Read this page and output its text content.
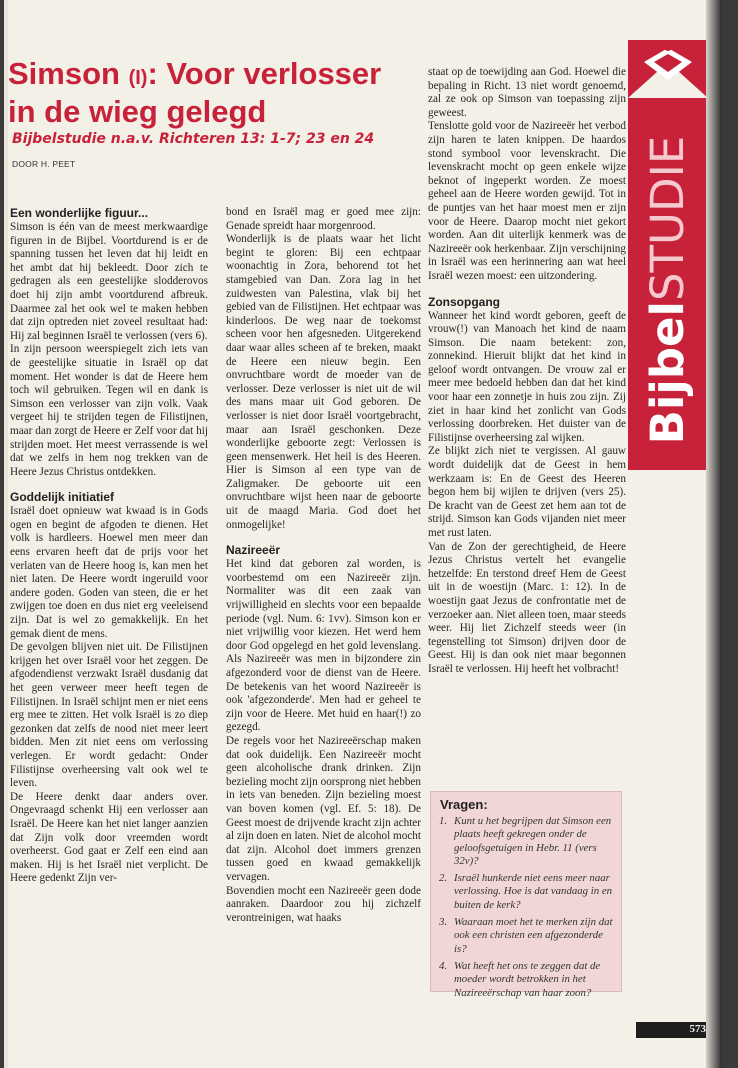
Simson (I): Voor verlosser in de wieg gelegd

Bijbelstudie n.a.v. Richteren 13: 1-7; 23 en 24

DOOR H. PEET

Een wonderlijke figuur...

Simson is één van de meest merkwaardige figuren in de Bijbel. Voortdurend is er de spanning tussen het leven dat hij leidt en het ambt dat hij bekleedt. Door zich te gedragen als een geestelijke slodderovos doet hij zijn ambt voortdurend afbreuk. Daarmee zal het ook wel te maken hebben dat zijn optreden niet zoveel resultaat had: Hij zal beginnen Israël te verlossen (vers 6).

In zijn persoon weerspiegelt zich iets van de geestelijke situatie in Israël op dat moment. Het wonder is dat de Heere hem toch wil gebruiken. Tegen wil en dank is Simson een verlosser van zijn volk. Vaak vergeet hij te strijden tegen de Filistijnen, maar dan zorgt de Heere er Zelf voor dat hij strijden moet. Het meest verrassende is wel dat we zelfs in hem nog trekken van de Heere Jezus Christus ontdekken.

Goddelijk initiatief

Israël doet opnieuw wat kwaad is in Gods ogen en begint de afgoden te dienen. Het volk is hardleers. Hoewel men meer dan eens ervaren heeft dat de prijs voor het verlaten van de Heere hoog is, kan men het niet laten. De Heere wordt ingeruild voor andere goden. Goden van steen, die er het zwijgen toe doen en dus niet erg veeleisend zijn. Dat is wel zo gemakkelijk. En het gemak dient de mens.

De gevolgen blijven niet uit. De Filistijnen krijgen het over Israël voor het zeggen. De afgodendienst verzwakt Israël dusdanig dat het geen verweer meer heeft tegen de Filistijnen. In Israël schijnt men er niet eens erg mee te zitten. Het volk Israël is zo diep gezonken dat zelfs de nood niet meer leert bidden. Men zit niet eens om verlossing verlegen. Er wordt gedacht: Onder Filistijnse overheersing valt ook wel te leven.

De Heere denkt daar anders over. Ongevraagd schenkt Hij een verlosser aan Israël. De Heere kan het niet langer aanzien dat Zijn volk door vreemden wordt overheerst. God gaat er Zelf een eind aan maken. Hij is het Israël niet verplicht. De Heere gedenkt Zijn ver-

bond en Israël mag er goed mee zijn: Genade spreidt haar morgenrood.

Wonderlijk is de plaats waar het licht begint te gloren: Bij een echtpaar woonachtig in Zora, behorend tot het stamgebied van Dan. Zora lag in het zuidwesten van Palestina, vlak bij het gebied van de Filistijnen. Het echtpaar was kinderloos. De weg naar de toekomst scheen voor hen afgesneden. Uitgerekend daar waar alles scheen af te breken, maakt de Heere een nieuw begin. Een onvruchtbare wordt de moeder van de verlosser. Deze verlosser is niet uit de wil des mans maar uit God geboren. De verlosser is niet door Israël voortgebracht, maar aan Israël geschonken. Deze wonderlijke geboorte zegt: Verlossen is geen mensenwerk. Het heil is des Heeren. Hier is Simson al een type van de Zaligmaker. De geboorte uit een onvruchtbare wijst heen naar de geboorte uit de maagd Maria. God doet het onmogelijke!

Nazireeër

Het kind dat geboren zal worden, is voorbestemd om een Nazireeër zijn. Normaliter was dit een zaak van vrijwilligheid en slechts voor een bepaalde periode (vgl. Num. 6: 1vv). Simson kon er niet vrijwillig voor kiezen. Het werd hem door God opgelegd en het gold levenslang. Als Nazireeër was men in bijzondere zin afgezonderd voor de dienst van de Heere. De betekenis van het woord Nazireeër is ook 'afgezonderde'. Men had er geheel te zijn voor de Heere. Met huid en haar(!) zo gezegd.

De regels voor het Nazireeërschap maken dat ook duidelijk. Een Nazireeër mocht geen alcoholische drank drinken. Zijn bezieling mocht zijn oorsprong niet hebben in iets van beneden. Zijn bezieling moest van boven komen (vgl. Ef. 5: 18). De Geest moest de drijvende kracht zijn achter al zijn doen en laten. Niet de alcohol mocht dat zijn. Alcohol doet immers grenzen tussen goed en kwaad gemakkelijk vervagen.

Bovendien mocht een Nazireeër geen dode aanraken. Daardoor zou hij zichzelf verontreinigen, wat haaks

staat op de toewijding aan God. Hoewel die bepaling in Richt. 13 niet wordt genoemd, zal ze ook op Simson van toepassing zijn geweest.

Tenslotte gold voor de Nazireeër het verbod zijn haren te laten knippen. De haardos stond symbool voor levenskracht. Die levenskracht mocht op geen enkele wijze beknot of ingeperkt worden. Ze moest geheel aan de Heere worden gewijd. Tot in de puntjes van het haar moest men er zijn voor de Heere. Daarop mocht niet gekort worden. Aan dit uiterlijk kenmerk was de Nazireeër ook herkenbaar. Zijn verschijning in Israël was een herinnering aan wat heel Israël wezen moest: een uitzondering.

Zonsopgang

Wanneer het kind wordt geboren, geeft de vrouw(!) van Manoach het kind de naam Simson. Die naam betekent: zon, zonnekind. Hieruit blijkt dat het kind in geloof wordt ontvangen. De vrouw zal er meer mee bedoeld hebben dan dat het kind voor haar een zonnetje in huis zou zijn. Zij ziet in haar kind het zonlicht van Gods verlossing doorbreken. Het duister van de Filistijnse overheersing zal wijken.

Ze blijkt zich niet te vergissen. Al gauw wordt duidelijk dat de Geest in hem werkzaam is: En de Geest des Heeren begon hem bij wijlen te drijven (vers 25). De kracht van de Geest zet hem aan tot de strijd. Simson kan Gods vijanden niet meer met rust laten.

Van de Zon der gerechtigheid, de Heere Jezus Christus vertelt het evangelie hetzelfde: En terstond dreef Hem de Geest uit in de woestijn (Marc. 1: 12). In de woestijn gaat Jezus de confrontatie met de verzoeker aan. Niet alleen toen, maar steeds weer. Hij liet Zichzelf steeds weer (in tegenstelling tot Simson) drijven door de Geest. Hij is dan ook niet maar begonnen Israël te verlossen. Hij heeft het volbracht!

Vragen:
1. Kunt u het begrijpen dat Simson een plaats heeft gekregen onder de geloofsgetuigen in Hebr. 11 (vers 32v)?
2. Israël hunkerde niet eens meer naar verlossing. Hoe is dat vandaag in en buiten de kerk?
3. Waaraan moet het te merken zijn dat ook een christen een afgezonderde is?
4. Wat heeft het ons te zeggen dat de moeder wordt betrokken in het Nazireeërschap van haar zoon?
BijbelSTUDIE
573
